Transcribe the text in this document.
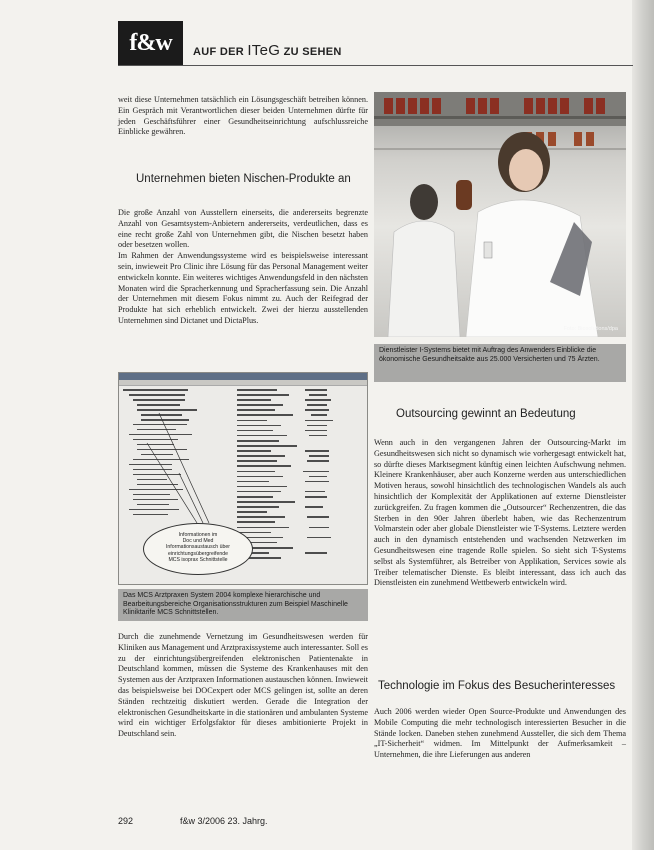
f&w	AUF DER ITeG ZU SEHEN

weit diese Unternehmen tatsächlich ein Lösungsgeschäft betreiben können. Ein Gespräch mit Verantwortlichen dieser beiden Unternehmen dürfte für jeden Geschäftsführer einer Gesundheitseinrichtung aufschlussreiche Einblicke gewähren.

Unternehmen bieten Nischen-Produkte an

Die große Anzahl von Ausstellern einerseits, die andererseits begrenzte Anzahl von Gesamtsystem-Anbietern andererseits, verdeutlichen, dass es eine recht große Zahl von Unternehmen gibt, die Nischen besetzt haben oder besetzen wollen.

Im Rahmen der Anwendungssysteme wird es beispielsweise interessant sein, inwieweit Pro Clinic ihre Lösung für das Personal Management weiter entwickeln konnte. Ein weiteres wichtiges Anwendungsfeld in den nächsten Monaten wird die Spracherkennung und Spracherfassung sein. Die Anzahl der Unternehmen mit diesem Fokus nimmt zu. Auch der Reifegrad der Produkte hat sich erheblich entwickelt. Zwei der hierzu ausstellenden Unternehmen sind Dictanet und DictaPlus.

Informationen im
Doc und Med
Informationsaustausch über
einrichtungsübergreifende
MCS isoprax Schnittstelle
Das MCS Arztpraxen System 2004 komplexe hierarchische und Bearbeitungsbereiche Organisationsstrukturen zum Beispiel Maschinelle Kliniktarife MCS Schnittstellen.

Durch die zunehmende Vernetzung im Gesundheitswesen werden für Kliniken aus Management und Arztpraxissysteme auch interessanter. Soll es zu der einrichtungsübergreifenden elektronischen Patientenakte in Deutschland kommen, müssen die Systeme des Krankenhauses mit den Systemen aus der Arztpraxen Informationen austauschen können. Inwieweit das beispielsweise bei DOCexpert oder MCS gelingen ist, sollte an deren Ständen rechtzeitig diskutiert werden. Gerade die Integration der elektronischen Gesundheitskarte in die stationären und ambulanten Systeme wird ein wichtiger Erfolgsfaktor für dieses ambitionierte Projekt in Deutschland sein.

Foto: Biosolutions/dpa
Dienstleister I-Systems bietet mit Auftrag des Anwenders Einblicke die ökonomische Gesundheitsakte aus 25.000 Versicherten und 75 Ärzten.
Outsourcing gewinnt an Bedeutung

Wenn auch in den vergangenen Jahren der Outsourcing-Markt im Gesundheitswesen sich nicht so dynamisch wie vorhergesagt entwickelt hat, so dürfte dieses Marktsegment künftig einen leichten Aufschwung nehmen. Kleinere Krankenhäuser, aber auch Konzerne werden aus unterschiedlichen Motiven heraus, sowohl hinsichtlich des technologischen Wandels als auch hinsichtlich der Komplexität der Applikationen auf externe Dienstleister zurückgreifen. Zu fragen kommen die „Outsourcer“ Rechenzentren, die das Sterben in den 90er Jahren überlebt haben, wie das Rechenzentrum Volmarstein oder aber globale Dienstleister wie T-Systems. Letztere werden auch in den dynamisch entstehenden und wachsenden Netzwerken im Gesundheitswesen eine tragende Rolle spielen. So sieht sich T-Systems selbst als Systemführer, als Betreiber von Applikation, Services sowie als Treiber telematischer Dienste. Es bleibt interessant, dass ich auch das Dienstleisten ein zunehmend Wettbewerb entwickeln wird.

Technologie im Fokus des Besucherinteresses

Auch 2006 werden wieder Open Source-Produkte und Anwendungen des Mobile Computing die mehr technologisch interessierten Besucher in die Stände locken. Daneben stehen zunehmend Aussteller, die sich dem Thema „IT-Sicherheit“ widmen. Im Mittelpunkt der Aufmerksamkeit – Unternehmen, die ihre Lieferungen aus anderen

292	f&w 3/2006 23. Jahrg.
